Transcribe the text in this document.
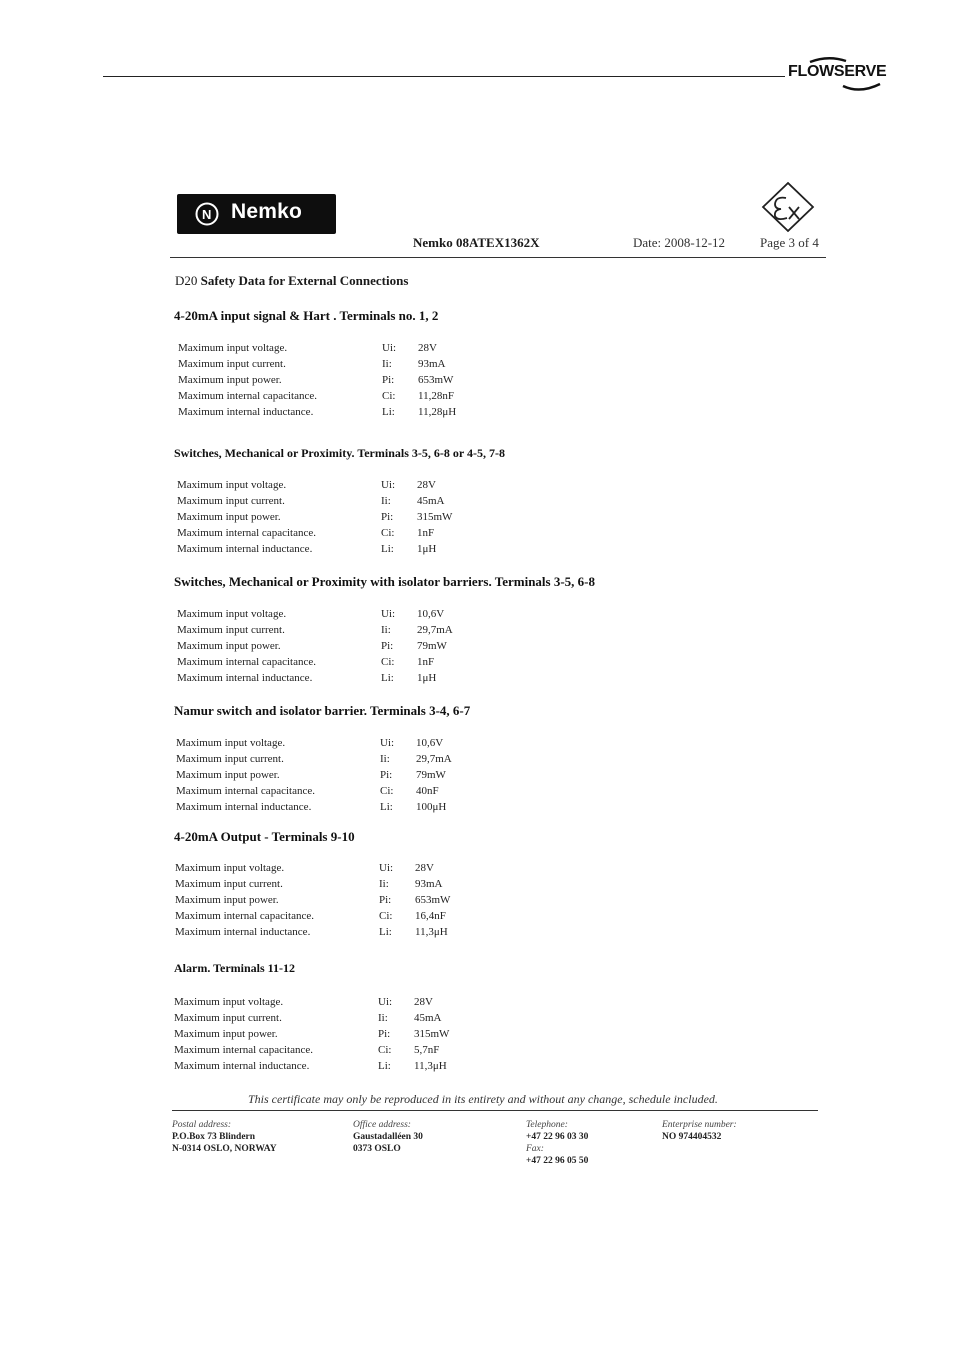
FLOWSERVE
N Nemko
Nemko 08ATEX1362X	Date: 2008-12-12	Page 3 of 4
D20 Safety Data for External Connections
4-20mA input signal & Hart . Terminals no. 1, 2
Maximum input voltage.	Ui: 28V
Maximum input current.	Ii: 93mA
Maximum input power.	Pi: 653mW
Maximum internal capacitance.	Ci: 11,28nF
Maximum internal inductance.	Li: 11,28μH
Switches, Mechanical or Proximity. Terminals 3-5, 6-8 or 4-5, 7-8
Maximum input voltage.	Ui: 28V
Maximum input current.	Ii: 45mA
Maximum input power.	Pi: 315mW
Maximum internal capacitance.	Ci: 1nF
Maximum internal inductance.	Li: 1μH
Switches, Mechanical or Proximity with isolator barriers. Terminals 3-5, 6-8
Maximum input voltage.	Ui: 10,6V
Maximum input current.	Ii: 29,7mA
Maximum input power.	Pi: 79mW
Maximum internal capacitance.	Ci: 1nF
Maximum internal inductance.	Li: 1μH
Namur switch and isolator barrier. Terminals 3-4, 6-7
Maximum input voltage.	Ui: 10,6V
Maximum input current.	Ii: 29,7mA
Maximum input power.	Pi: 79mW
Maximum internal capacitance.	Ci: 40nF
Maximum internal inductance.	Li: 100μH
4-20mA Output - Terminals 9-10
Maximum input voltage.	Ui: 28V
Maximum input current.	Ii: 93mA
Maximum input power.	Pi: 653mW
Maximum internal capacitance.	Ci: 16,4nF
Maximum internal inductance.	Li: 11,3μH
Alarm. Terminals 11-12
Maximum input voltage.	Ui: 28V
Maximum input current.	Ii: 45mA
Maximum input power.	Pi: 315mW
Maximum internal capacitance.	Ci: 5,7nF
Maximum internal inductance.	Li: 11,3μH
This certificate may only be reproduced in its entirety and without any change, schedule included.
Postal address:
P.O.Box 73 Blindern
N-0314 OSLO, NORWAY
Office address:
Gaustadalléen 30
0373 OSLO
Telephone:
+47 22 96 03 30
Fax:
+47 22 96 05 50
Enterprise number:
NO 974404532
